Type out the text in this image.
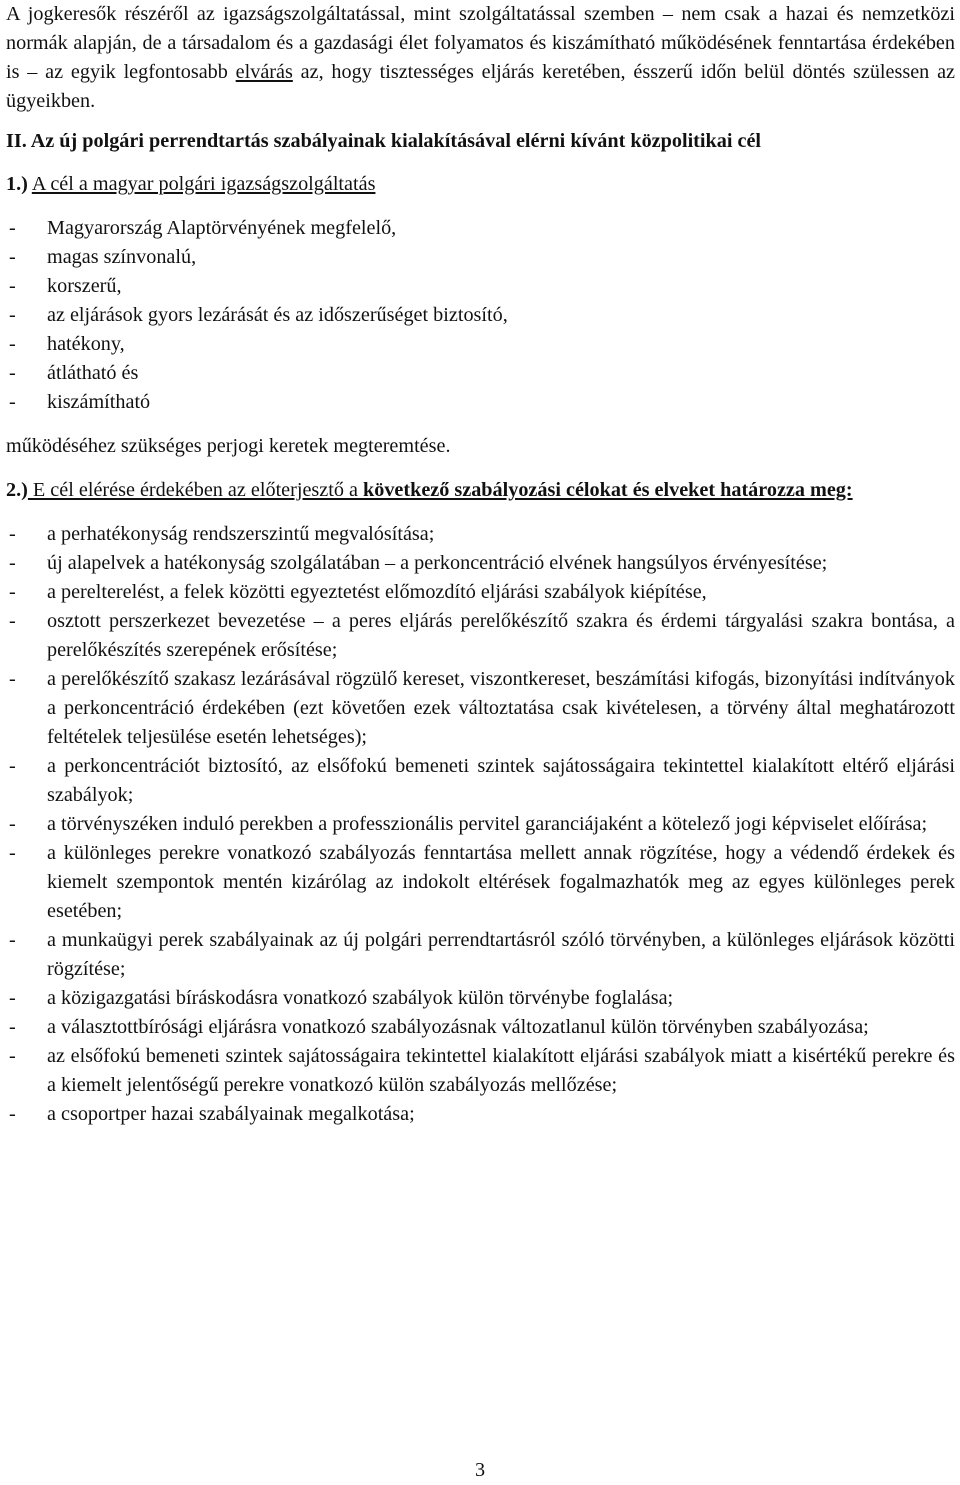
A jogkeresők részéről az igazságszolgáltatással, mint szolgáltatással szemben – nem csak a hazai és nemzetközi normák alapján, de a társadalom és a gazdasági élet folyamatos és kiszámítható működésének fenntartása érdekében is – az egyik legfontosabb elvárás az, hogy tisztességes eljárás keretében, ésszerű időn belül döntés szülessen az ügyeikben.

II. Az új polgári perrendtartás szabályainak kialakításával elérni kívánt közpolitikai cél

1.) A cél a magyar polgári igazságszolgáltatás

-	Magyarország Alaptörvényének megfelelő,
-	magas színvonalú,
-	korszerű,
-	az eljárások gyors lezárását és az időszerűséget biztosító,
-	hatékony,
-	átlátható és
-	kiszámítható

működéséhez szükséges perjogi keretek megteremtése.

2.) E cél elérése érdekében az előterjesztő a következő szabályozási célokat és elveket határozza meg:

-	a perhatékonyság rendszerszintű megvalósítása;
-	új alapelvek a hatékonyság szolgálatában – a perkoncentráció elvének hangsúlyos érvényesítése;
-	a perelterelést, a felek közötti egyeztetést előmozdító eljárási szabályok kiépítése,
-	osztott perszerkezet bevezetése – a peres eljárás perelőkészítő szakra és érdemi tárgyalási szakra bontása, a perelőkészítés szerepének erősítése;
-	a perelőkészítő szakasz lezárásával rögzülő kereset, viszontkereset, beszámítási kifogás, bizonyítási indítványok a perkoncentráció érdekében (ezt követően ezek változtatása csak kivételesen, a törvény által meghatározott feltételek teljesülése esetén lehetséges);
-	a perkoncentrációt biztosító, az elsőfokú bemeneti szintek sajátosságaira tekintettel kialakított eltérő eljárási szabályok;
-	a törvényszéken induló perekben a professzionális pervitel garanciájaként a kötelező jogi képviselet előírása;
-	a különleges perekre vonatkozó szabályozás fenntartása mellett annak rögzítése, hogy a védendő érdekek és kiemelt szempontok mentén kizárólag az indokolt eltérések fogalmazhatók meg az egyes különleges perek esetében;
-	a munkaügyi perek szabályainak az új polgári perrendtartásról szóló törvényben, a különleges eljárások közötti rögzítése;
-	a közigazgatási bíráskodásra vonatkozó szabályok külön törvénybe foglalása;
-	a választottbírósági eljárásra vonatkozó szabályozásnak változatlanul külön törvényben szabályozása;
-	az elsőfokú bemeneti szintek sajátosságaira tekintettel kialakított eljárási szabályok miatt a kisértékű perekre és a kiemelt jelentőségű perekre vonatkozó külön szabályozás mellőzése;
-	a csoportper hazai szabályainak megalkotása;
3
